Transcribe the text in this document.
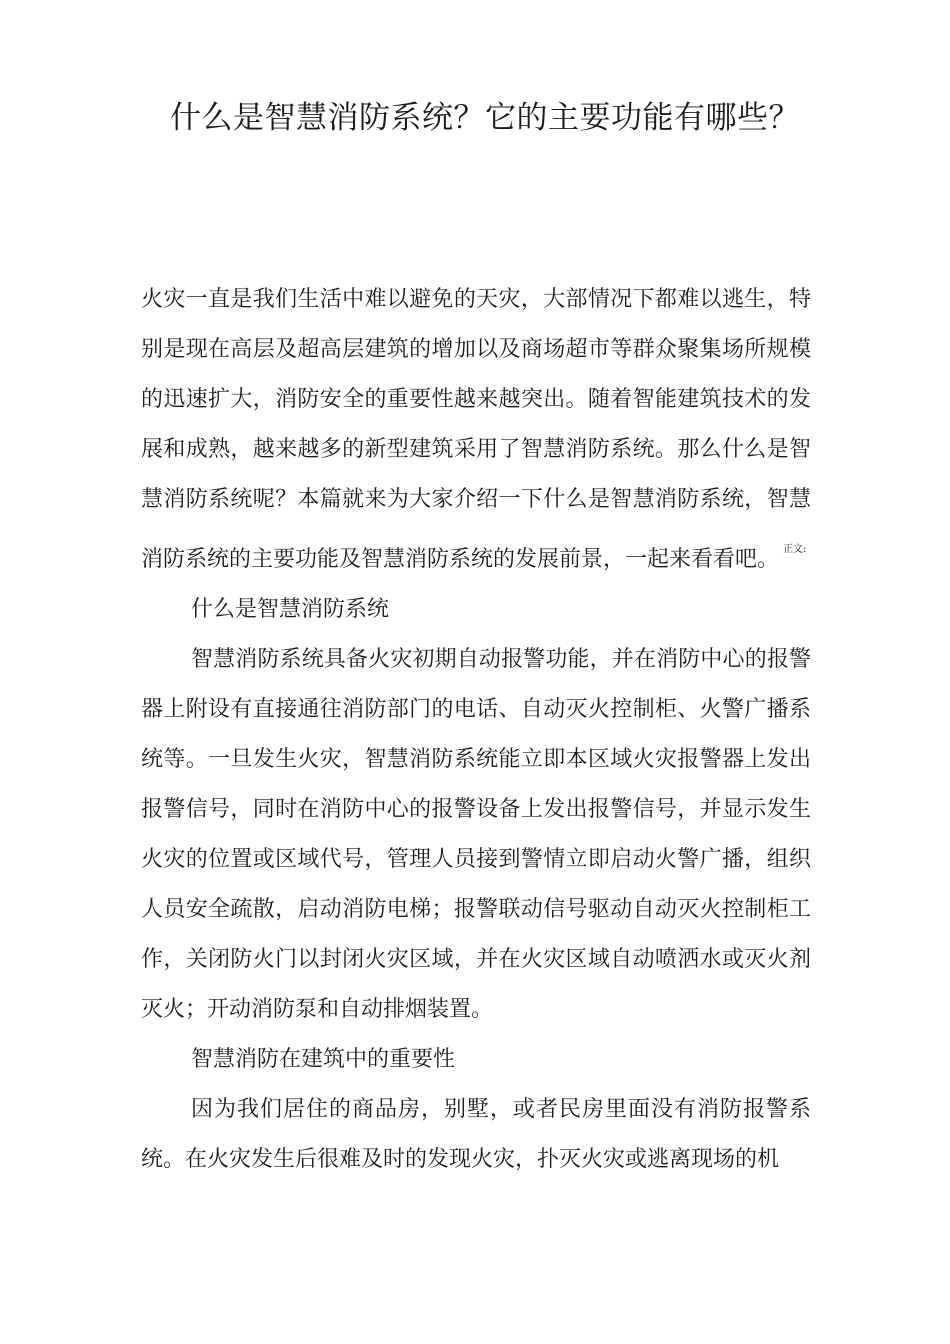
什么是智慧消防系统？它的主要功能有哪些？

火灾一直是我们生活中难以避免的天灾，大部情况下都难以逃生，特别是现在高层及超高层建筑的增加以及商场超市等群众聚集场所规模的迅速扩大，消防安全的重要性越来越突出。随着智能建筑技术的发展和成熟，越来越多的新型建筑采用了智慧消防系统。那么什么是智慧消防系统呢？本篇就来为大家介绍一下什么是智慧消防系统，智慧消防系统的主要功能及智慧消防系统的发展前景，一起来看看吧。 $^{正文:}$

什么是智慧消防系统

智慧消防系统具备火灾初期自动报警功能，并在消防中心的报警器上附设有直接通往消防部门的电话、自动灭火控制柜、火警广播系统等。一旦发生火灾，智慧消防系统能立即本区域火灾报警器上发出报警信号，同时在消防中心的报警设备上发出报警信号，并显示发生火灾的位置或区域代号，管理人员接到警情立即启动火警广播，组织人员安全疏散，启动消防电梯；报警联动信号驱动自动灭火控制柜工作，关闭防火门以封闭火灾区域，并在火灾区域自动喷洒水或灭火剂灭火；开动消防泵和自动排烟装置。

智慧消防在建筑中的重要性

因为我们居住的商品房，别墅，或者民房里面没有消防报警系统。在火灾发生后很难及时的发现火灾，扑灭火灾或逃离现场的机
